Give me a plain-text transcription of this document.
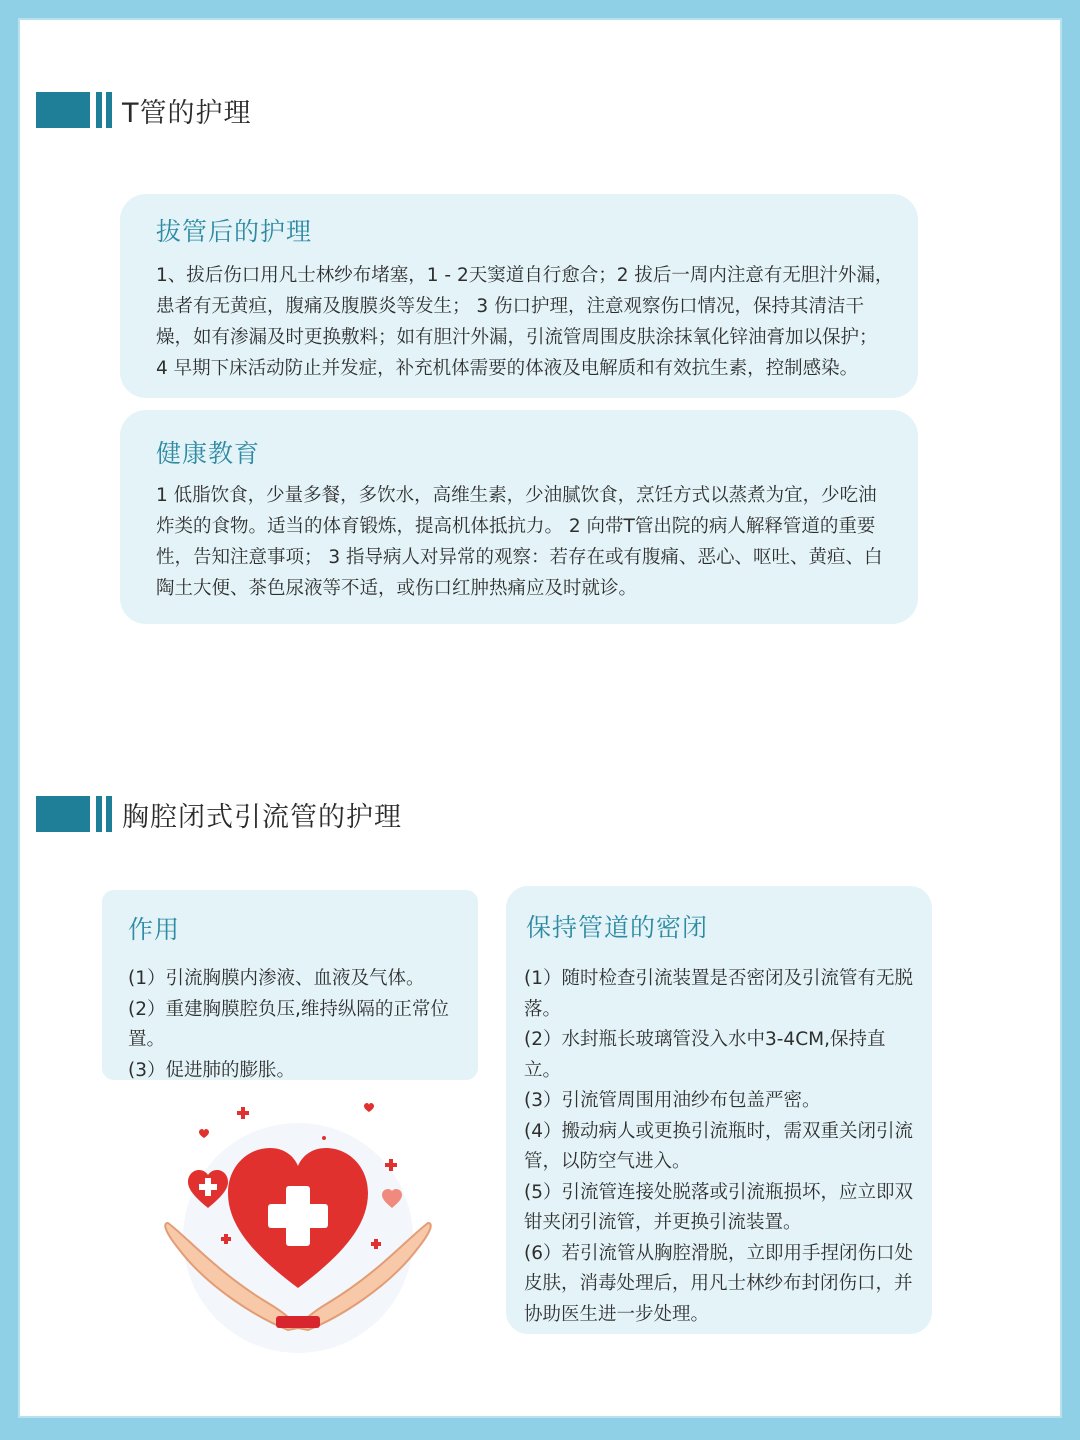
T管的护理
拔管后的护理
1、拔后伤口用凡士林纱布堵塞，1 - 2天窦道自行愈合；2 拔后一周内注意有无胆汁外漏，患者有无黄疸，腹痛及腹膜炎等发生； 3 伤口护理，注意观察伤口情况，保持其清洁干燥，如有渗漏及时更换敷料；如有胆汁外漏，引流管周围皮肤涂抹氧化锌油膏加以保护； 4 早期下床活动防止并发症，补充机体需要的体液及电解质和有效抗生素，控制感染。
健康教育
1 低脂饮食，少量多餐，多饮水，高维生素，少油腻饮食，烹饪方式以蒸煮为宜，少吃油炸类的食物。适当的体育锻炼，提高机体抵抗力。 2 向带T管出院的病人解释管道的重要性，告知注意事项； 3 指导病人对异常的观察：若存在或有腹痛、恶心、呕吐、黄疸、白陶土大便、茶色尿液等不适，或伤口红肿热痛应及时就诊。
胸腔闭式引流管的护理
作用
(1）引流胸膜内渗液、血液及气体。
(2）重建胸膜腔负压,维持纵隔的正常位置。
(3）促进肺的膨胀。
保持管道的密闭
(1）随时检查引流装置是否密闭及引流管有无脱落。
(2）水封瓶长玻璃管没入水中3-4CM,保持直立。
(3）引流管周围用油纱布包盖严密。
(4）搬动病人或更换引流瓶时，需双重关闭引流管，以防空气进入。
(5）引流管连接处脱落或引流瓶损坏，应立即双钳夹闭引流管，并更换引流装置。
(6）若引流管从胸腔滑脱，立即用手捏闭伤口处皮肤，消毒处理后，用凡士林纱布封闭伤口，并协助医生进一步处理。
